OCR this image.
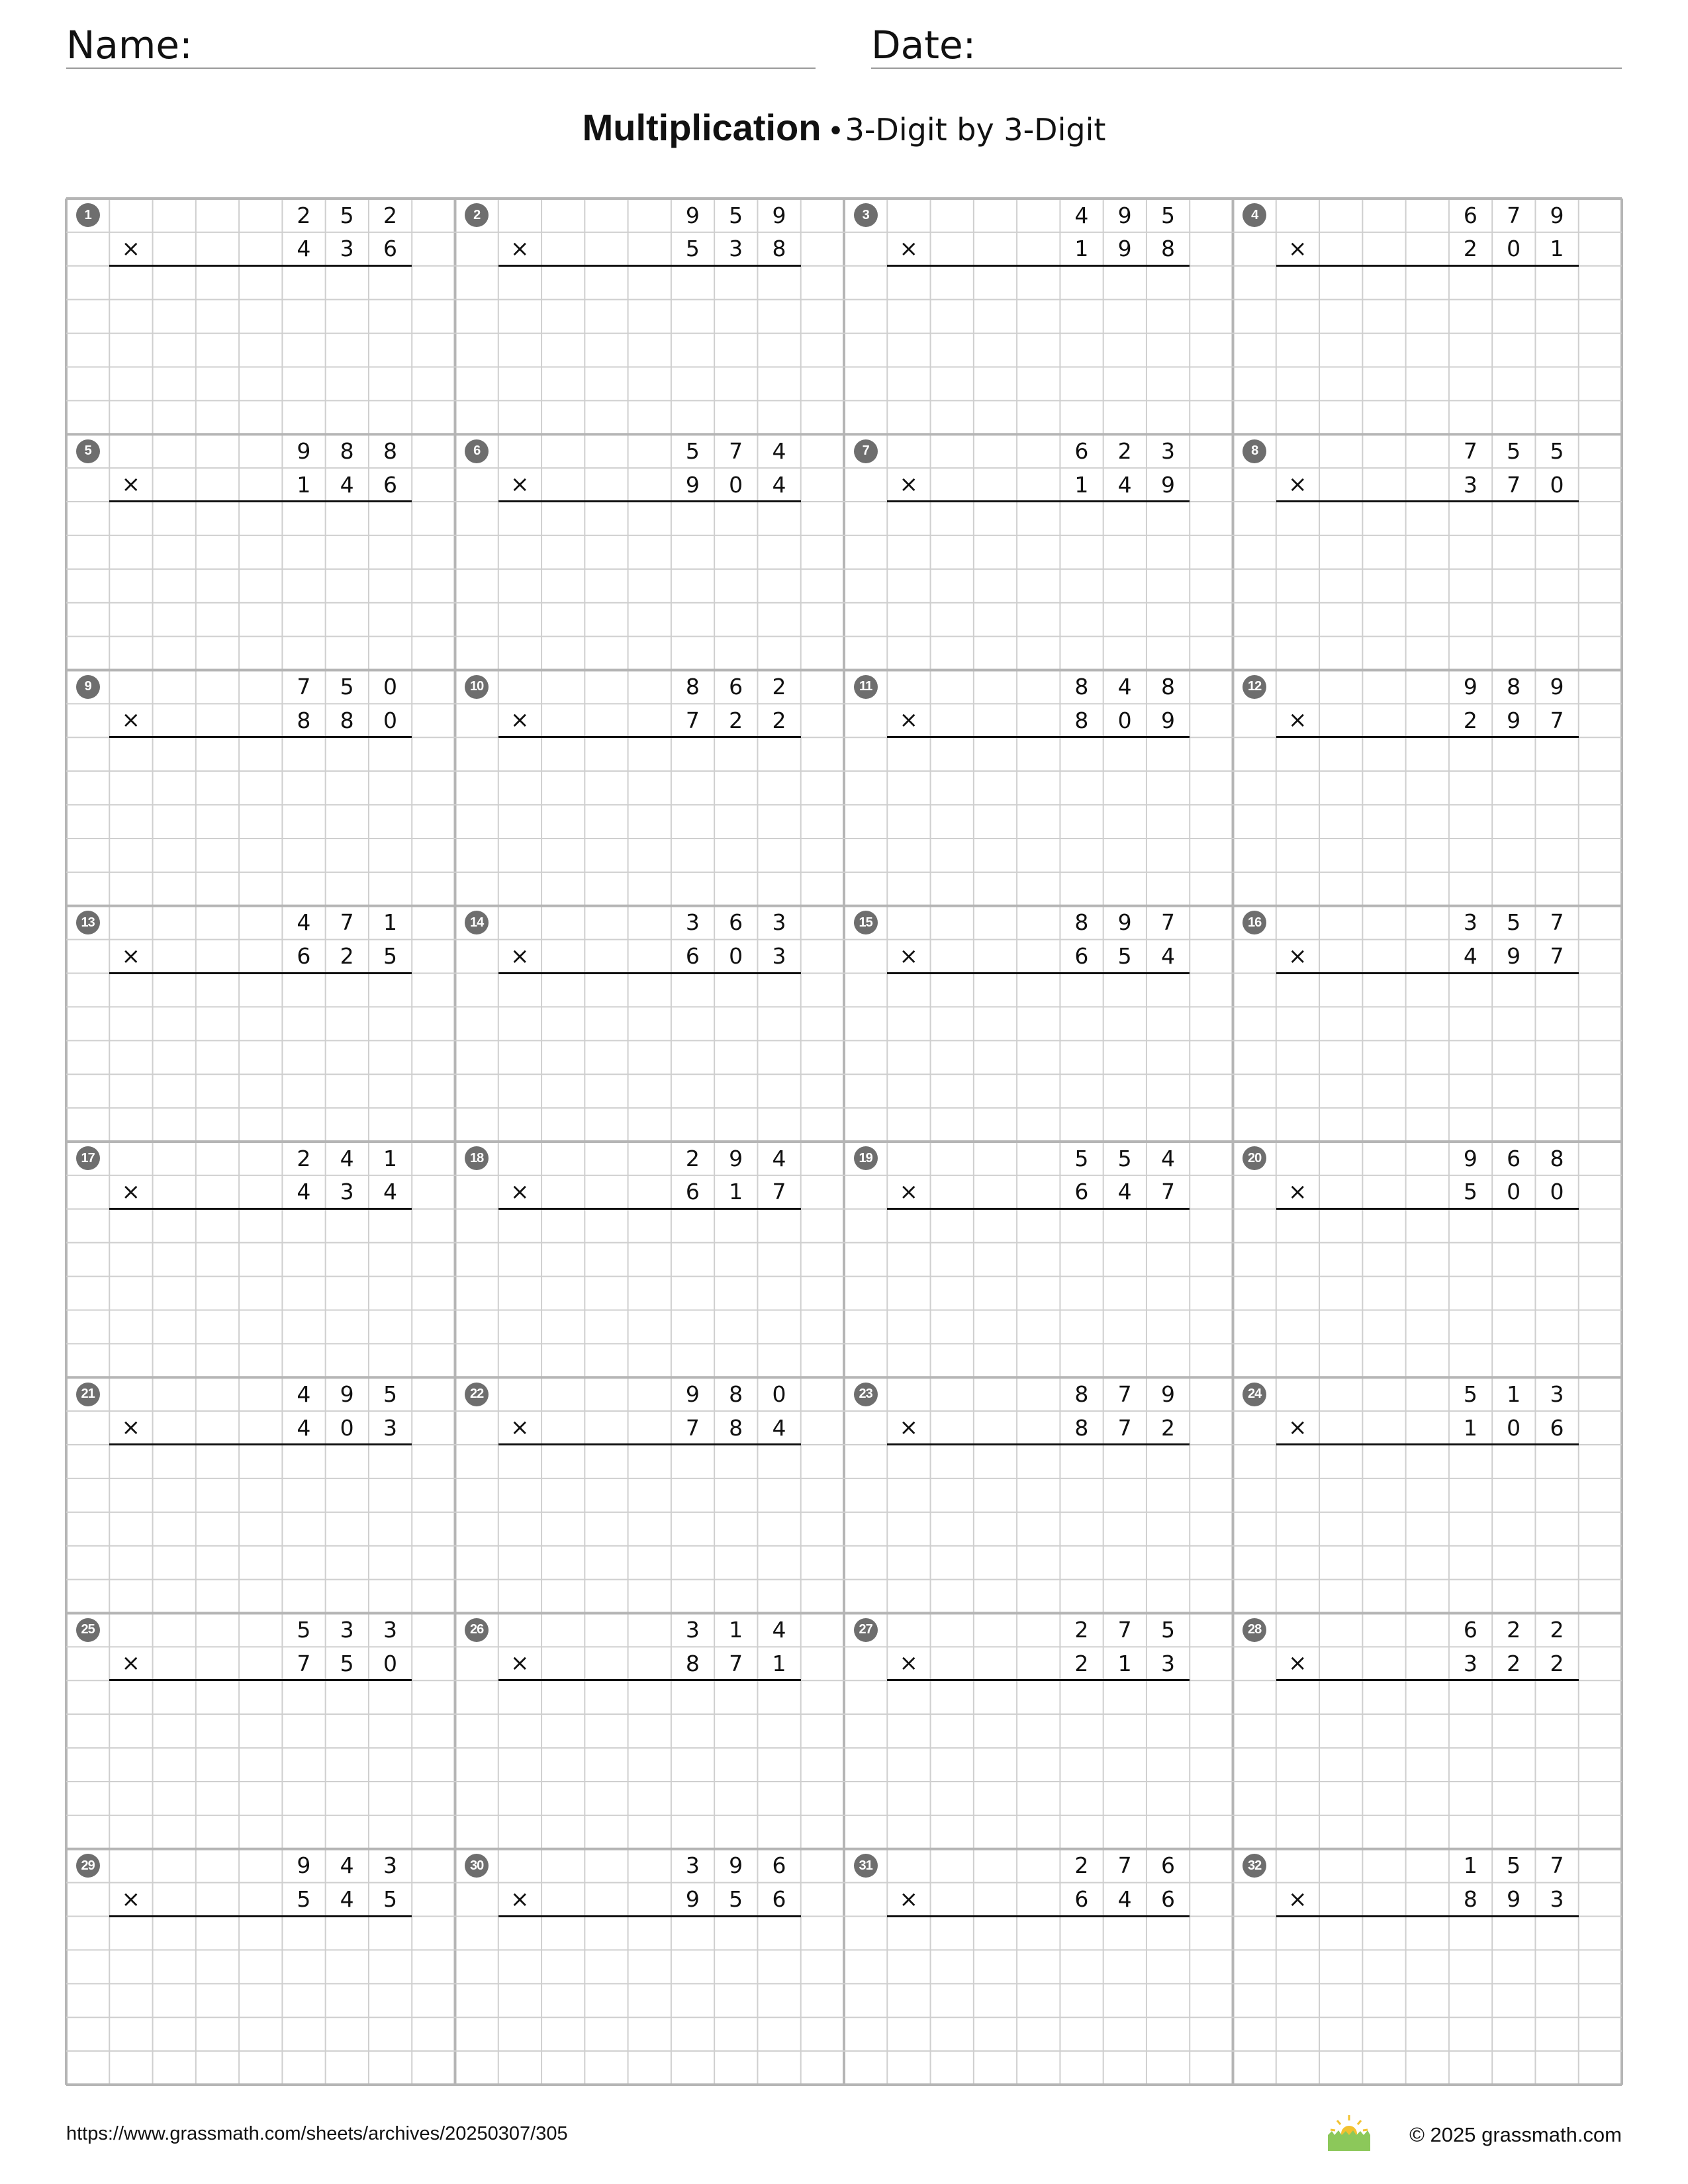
Name:	Date:
Multiplication • 3-Digit by 3-Digit
1	2	5	2
×	4	3	6
2	9	5	9
×	5	3	8
3	4	9	5
×	1	9	8
4	6	7	9
×	2	0	1
5	9	8	8
×	1	4	6
6	5	7	4
×	9	0	4
7	6	2	3
×	1	4	9
8	7	5	5
×	3	7	0
9	7	5	0
×	8	8	0
10	8	6	2
×	7	2	2
11	8	4	8
×	8	0	9
12	9	8	9
×	2	9	7
13	4	7	1
×	6	2	5
14	3	6	3
×	6	0	3
15	8	9	7
×	6	5	4
16	3	5	7
×	4	9	7
17	2	4	1
×	4	3	4
18	2	9	4
×	6	1	7
19	5	5	4
×	6	4	7
20	9	6	8
×	5	0	0
21	4	9	5
×	4	0	3
22	9	8	0
×	7	8	4
23	8	7	9
×	8	7	2
24	5	1	3
×	1	0	6
25	5	3	3
×	7	5	0
26	3	1	4
×	8	7	1
27	2	7	5
×	2	1	3
28	6	2	2
×	3	2	2
29	9	4	3
×	5	4	5
30	3	9	6
×	9	5	6
31	2	7	6
×	6	4	6
32	1	5	7
×	8	9	3
https://www.grassmath.com/sheets/archives/20250307/305	© 2025 grassmath.com
